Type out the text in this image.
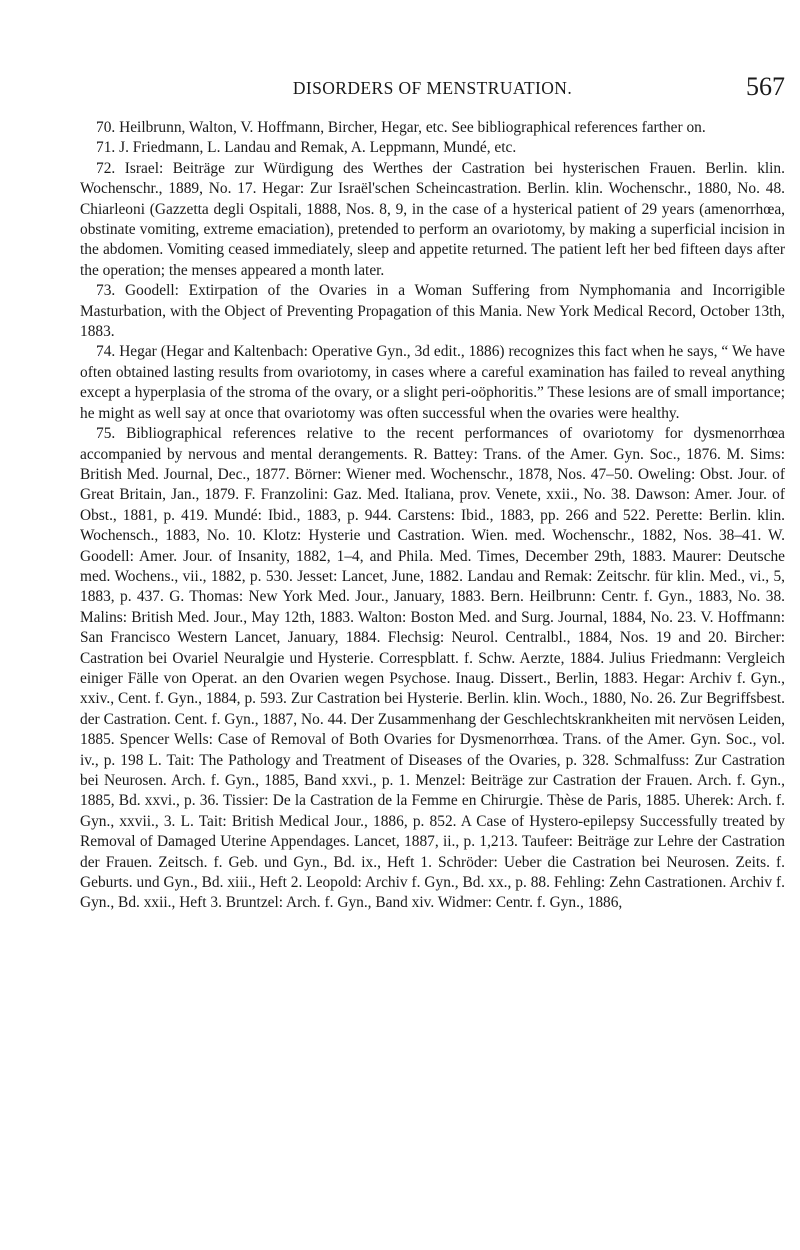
DISORDERS OF MENSTRUATION.	567

70. Heilbrunn, Walton, V. Hoffmann, Bircher, Hegar, etc. See bibliographical references farther on.

71. J. Friedmann, L. Landau and Remak, A. Leppmann, Mundé, etc.

72. Israel: Beiträge zur Würdigung des Werthes der Castration bei hysterischen Frauen. Berlin. klin. Wochenschr., 1889, No. 17. Hegar: Zur Israël'schen Scheincastration. Berlin. klin. Wochenschr., 1880, No. 48. Chiarleoni (Gazzetta degli Ospitali, 1888, Nos. 8, 9, in the case of a hysterical patient of 29 years (amenorrhœa, obstinate vomiting, extreme emaciation), pretended to perform an ovariotomy, by making a superficial incision in the abdomen. Vomiting ceased immediately, sleep and appetite returned. The patient left her bed fifteen days after the operation; the menses appeared a month later.

73. Goodell: Extirpation of the Ovaries in a Woman Suffering from Nymphomania and Incorrigible Masturbation, with the Object of Preventing Propagation of this Mania. New York Medical Record, October 13th, 1883.

74. Hegar (Hegar and Kaltenbach: Operative Gyn., 3d edit., 1886) recognizes this fact when he says, “ We have often obtained lasting results from ovariotomy, in cases where a careful examination has failed to reveal anything except a hyperplasia of the stroma of the ovary, or a slight peri-oöphoritis.” These lesions are of small importance; he might as well say at once that ovariotomy was often successful when the ovaries were healthy.

75. Bibliographical references relative to the recent performances of ovariotomy for dysmenorrhœa accompanied by nervous and mental derangements. R. Battey: Trans. of the Amer. Gyn. Soc., 1876. M. Sims: British Med. Journal, Dec., 1877. Börner: Wiener med. Wochenschr., 1878, Nos. 47–50. Oweling: Obst. Jour. of Great Britain, Jan., 1879. F. Franzolini: Gaz. Med. Italiana, prov. Venete, xxii., No. 38. Dawson: Amer. Jour. of Obst., 1881, p. 419. Mundé: Ibid., 1883, p. 944. Carstens: Ibid., 1883, pp. 266 and 522. Perette: Berlin. klin. Wochensch., 1883, No. 10. Klotz: Hysterie und Castration. Wien. med. Wochenschr., 1882, Nos. 38–41. W. Goodell: Amer. Jour. of Insanity, 1882, 1–4, and Phila. Med. Times, December 29th, 1883. Maurer: Deutsche med. Wochens., vii., 1882, p. 530. Jesset: Lancet, June, 1882. Landau and Remak: Zeitschr. für klin. Med., vi., 5, 1883, p. 437. G. Thomas: New York Med. Jour., January, 1883. Bern. Heilbrunn: Centr. f. Gyn., 1883, No. 38. Malins: British Med. Jour., May 12th, 1883. Walton: Boston Med. and Surg. Journal, 1884, No. 23. V. Hoffmann: San Francisco Western Lancet, January, 1884. Flechsig: Neurol. Centralbl., 1884, Nos. 19 and 20. Bircher: Castration bei Ovariel Neuralgie und Hysterie. Correspblatt. f. Schw. Aerzte, 1884. Julius Friedmann: Vergleich einiger Fälle von Operat. an den Ovarien wegen Psychose. Inaug. Dissert., Berlin, 1883. Hegar: Archiv f. Gyn., xxiv., Cent. f. Gyn., 1884, p. 593. Zur Castration bei Hysterie. Berlin. klin. Woch., 1880, No. 26. Zur Begriffsbest. der Castration. Cent. f. Gyn., 1887, No. 44. Der Zusammenhang der Geschlechtskrankheiten mit nervösen Leiden, 1885. Spencer Wells: Case of Removal of Both Ovaries for Dysmenorrhœa. Trans. of the Amer. Gyn. Soc., vol. iv., p. 198 L. Tait: The Pathology and Treatment of Diseases of the Ovaries, p. 328. Schmalfuss: Zur Castration bei Neurosen. Arch. f. Gyn., 1885, Band xxvi., p. 1. Menzel: Beiträge zur Castration der Frauen. Arch. f. Gyn., 1885, Bd. xxvi., p. 36. Tissier: De la Castration de la Femme en Chirurgie. Thèse de Paris, 1885. Uherek: Arch. f. Gyn., xxvii., 3. L. Tait: British Medical Jour., 1886, p. 852. A Case of Hystero-epilepsy Successfully treated by Removal of Damaged Uterine Appendages. Lancet, 1887, ii., p. 1,213. Taufeer: Beiträge zur Lehre der Castration der Frauen. Zeitsch. f. Geb. und Gyn., Bd. ix., Heft 1. Schröder: Ueber die Castration bei Neurosen. Zeits. f. Geburts. und Gyn., Bd. xiii., Heft 2. Leopold: Archiv f. Gyn., Bd. xx., p. 88. Fehling: Zehn Castrationen. Archiv f. Gyn., Bd. xxii., Heft 3. Bruntzel: Arch. f. Gyn., Band xiv. Widmer: Centr. f. Gyn., 1886,
